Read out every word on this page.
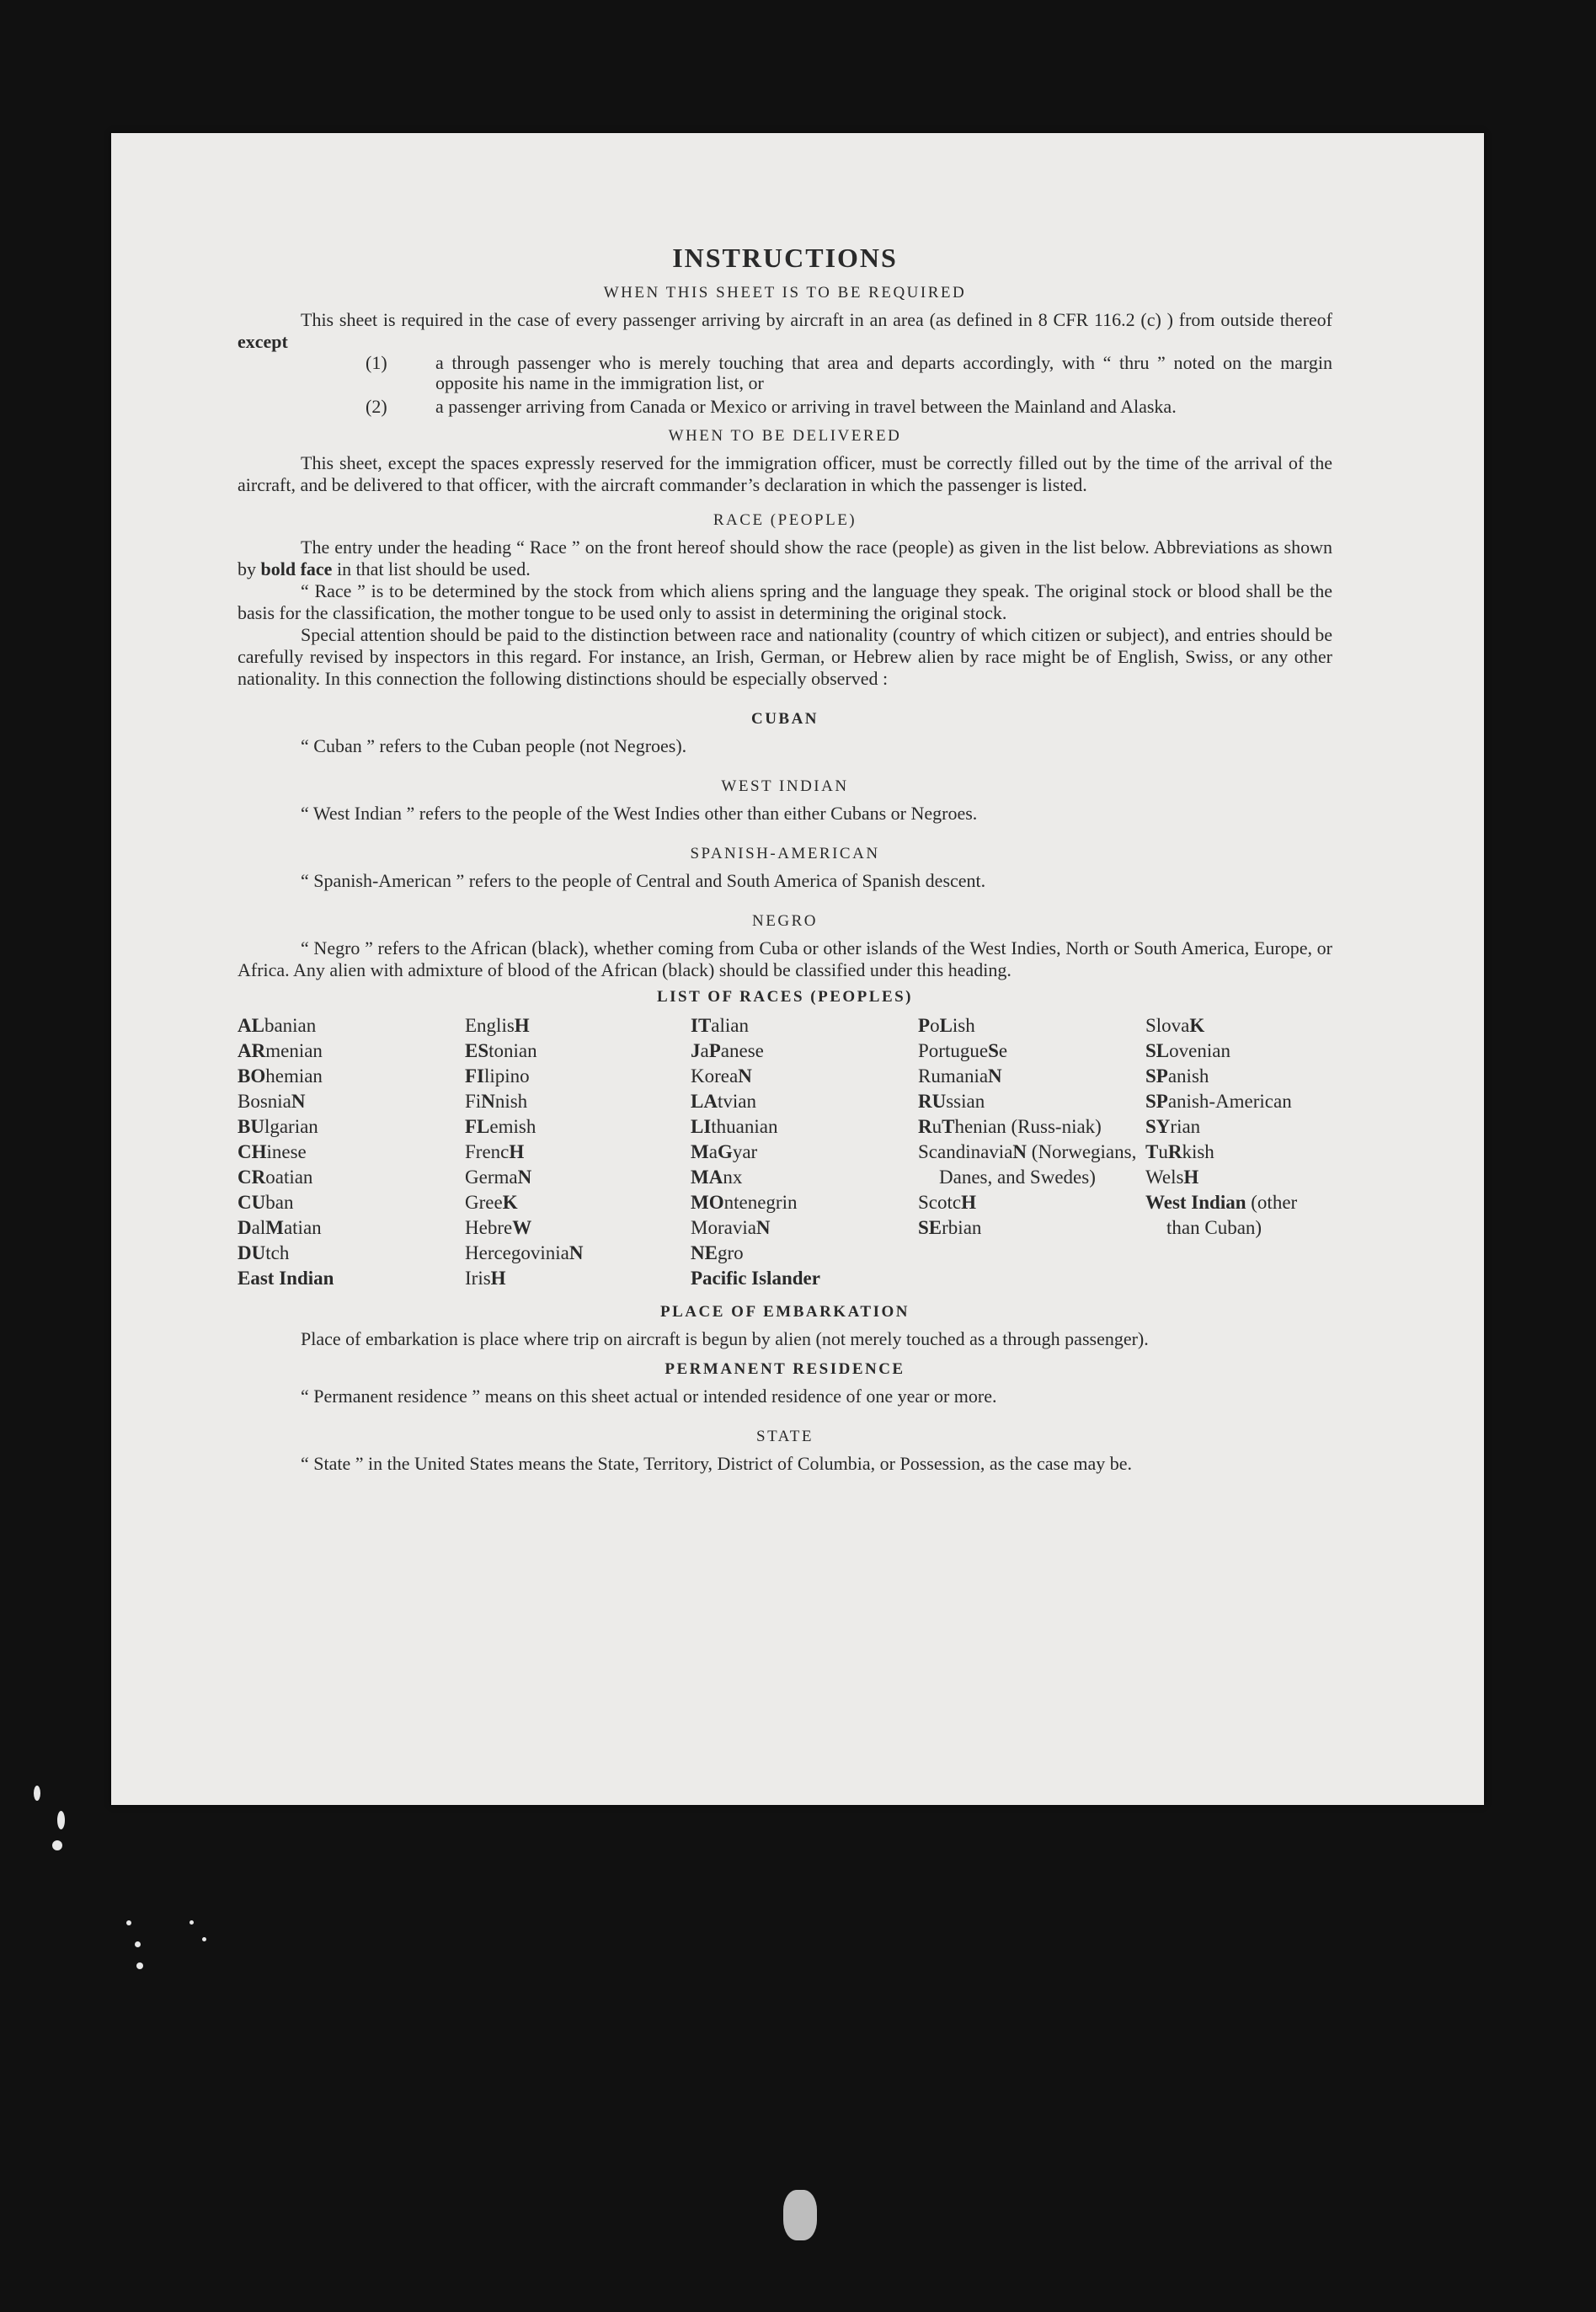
INSTRUCTIONS
WHEN THIS SHEET IS TO BE REQUIRED

This sheet is required in the case of every passenger arriving by aircraft in an area (as defined in 8 CFR 116.2 (c) ) from outside thereof except

(1)	a through passenger who is merely touching that area and departs accordingly, with “ thru ” noted on the margin opposite his name in the immigration list, or
(2)	a passenger arriving from Canada or Mexico or arriving in travel between the Mainland and Alaska.
WHEN TO BE DELIVERED

This sheet, except the spaces expressly reserved for the immigration officer, must be correctly filled out by the time of the arrival of the aircraft, and be delivered to that officer, with the aircraft commander’s declaration in which the passenger is listed.

RACE (PEOPLE)

The entry under the heading “ Race ” on the front hereof should show the race (people) as given in the list below. Abbreviations as shown by bold face in that list should be used.

“ Race ” is to be determined by the stock from which aliens spring and the language they speak. The original stock or blood shall be the basis for the classification, the mother tongue to be used only to assist in determining the original stock.

Special attention should be paid to the distinction between race and nationality (country of which citizen or subject), and entries should be carefully revised by inspectors in this regard. For instance, an Irish, German, or Hebrew alien by race might be of English, Swiss, or any other nationality. In this connection the following distinctions should be especially observed :

CUBAN

“ Cuban ” refers to the Cuban people (not Negroes).

WEST INDIAN

“ West Indian ” refers to the people of the West Indies other than either Cubans or Negroes.

SPANISH-AMERICAN

“ Spanish-American ” refers to the people of Central and South America of Spanish descent.

NEGRO

“ Negro ” refers to the African (black), whether coming from Cuba or other islands of the West Indies, North or South America, Europe, or Africa. Any alien with admixture of blood of the African (black) should be classified under this heading.

LIST OF RACES (PEOPLES)
ALbanian
ARmenian
BOhemian
BosniaN
BUlgarian
CHinese
CRoatian
CUban
DalMatian
DUtch
East Indian
EnglisH
EStonian
FIlipino
FiNnish
FLemish
FrencH
GermaN
GreeK
HebreW
HercegoviniaN
IrisH
ITalian
JaPanese
KoreaN
LAtvian
LIthuanian
MaGyar
MAnx
MOntenegrin
MoraviaN
NEgro
Pacific Islander
PoLish
PortugueSe
RumaniaN
RUssian
RuThenian (Russ-niak)
ScandinaviaN (Norwegians, Danes, and Swedes)
ScotcH
SErbian
SlovaK
SLovenian
SPanish
SPanish-American
SYrian
TuRkish
WelsH
West Indian (other than Cuban)
PLACE OF EMBARKATION

Place of embarkation is place where trip on aircraft is begun by alien (not merely touched as a through passenger).

PERMANENT RESIDENCE

“ Permanent residence ” means on this sheet actual or intended residence of one year or more.

STATE

“ State ” in the United States means the State, Territory, District of Columbia, or Possession, as the case may be.
